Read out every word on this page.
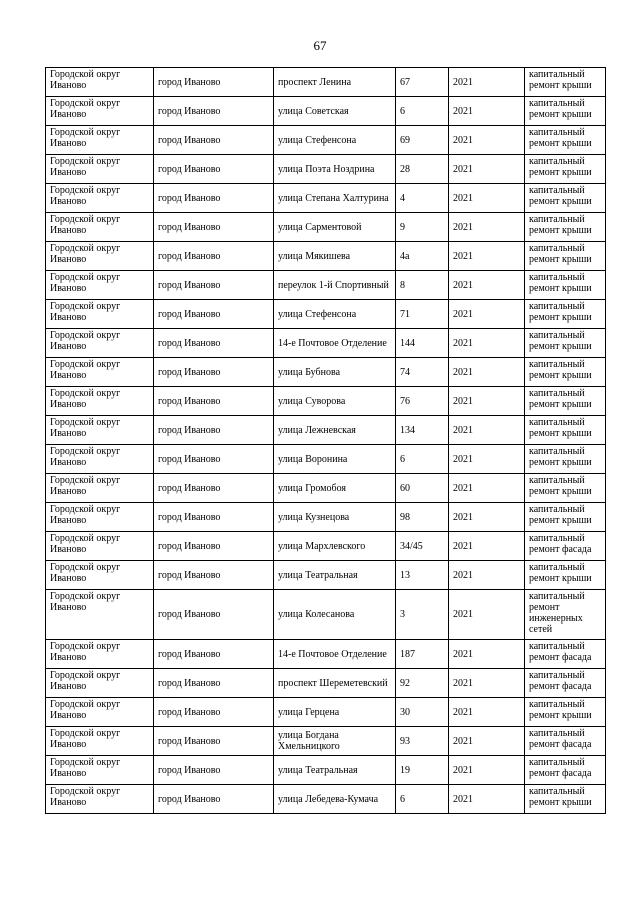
67
Городской округ Иваново	город Иваново	проспект Ленина	67	2021	капитальный ремонт крыши
Городской округ Иваново	город Иваново	улица Советская	6	2021	капитальный ремонт крыши
Городской округ Иваново	город Иваново	улица Стефенсона	69	2021	капитальный ремонт крыши
Городской округ Иваново	город Иваново	улица Поэта Ноздрина	28	2021	капитальный ремонт крыши
Городской округ Иваново	город Иваново	улица Степана Халтурина	4	2021	капитальный ремонт крыши
Городской округ Иваново	город Иваново	улица Сарментовой	9	2021	капитальный ремонт крыши
Городской округ Иваново	город Иваново	улица Мякишева	4а	2021	капитальный ремонт крыши
Городской округ Иваново	город Иваново	переулок 1-й Спортивный	8	2021	капитальный ремонт крыши
Городской округ Иваново	город Иваново	улица Стефенсона	71	2021	капитальный ремонт крыши
Городской округ Иваново	город Иваново	14-е Почтовое Отделение	144	2021	капитальный ремонт крыши
Городской округ Иваново	город Иваново	улица Бубнова	74	2021	капитальный ремонт крыши
Городской округ Иваново	город Иваново	улица Суворова	76	2021	капитальный ремонт крыши
Городской округ Иваново	город Иваново	улица Лежневская	134	2021	капитальный ремонт крыши
Городской округ Иваново	город Иваново	улица Воронина	6	2021	капитальный ремонт крыши
Городской округ Иваново	город Иваново	улица Громобоя	60	2021	капитальный ремонт крыши
Городской округ Иваново	город Иваново	улица Кузнецова	98	2021	капитальный ремонт крыши
Городской округ Иваново	город Иваново	улица Мархлевского	34/45	2021	капитальный ремонт фасада
Городской округ Иваново	город Иваново	улица Театральная	13	2021	капитальный ремонт крыши
Городской округ Иваново	город Иваново	улица Колесанова	3	2021	капитальный ремонт инженерных сетей
Городской округ Иваново	город Иваново	14-е Почтовое Отделение	187	2021	капитальный ремонт фасада
Городской округ Иваново	город Иваново	проспект Шереметевский	92	2021	капитальный ремонт фасада
Городской округ Иваново	город Иваново	улица Герцена	30	2021	капитальный ремонт крыши
Городской округ Иваново	город Иваново	улица Богдана Хмельницкого	93	2021	капитальный ремонт фасада
Городской округ Иваново	город Иваново	улица Театральная	19	2021	капитальный ремонт фасада
Городской округ Иваново	город Иваново	улица Лебедева-Кумача	6	2021	капитальный ремонт крыши
